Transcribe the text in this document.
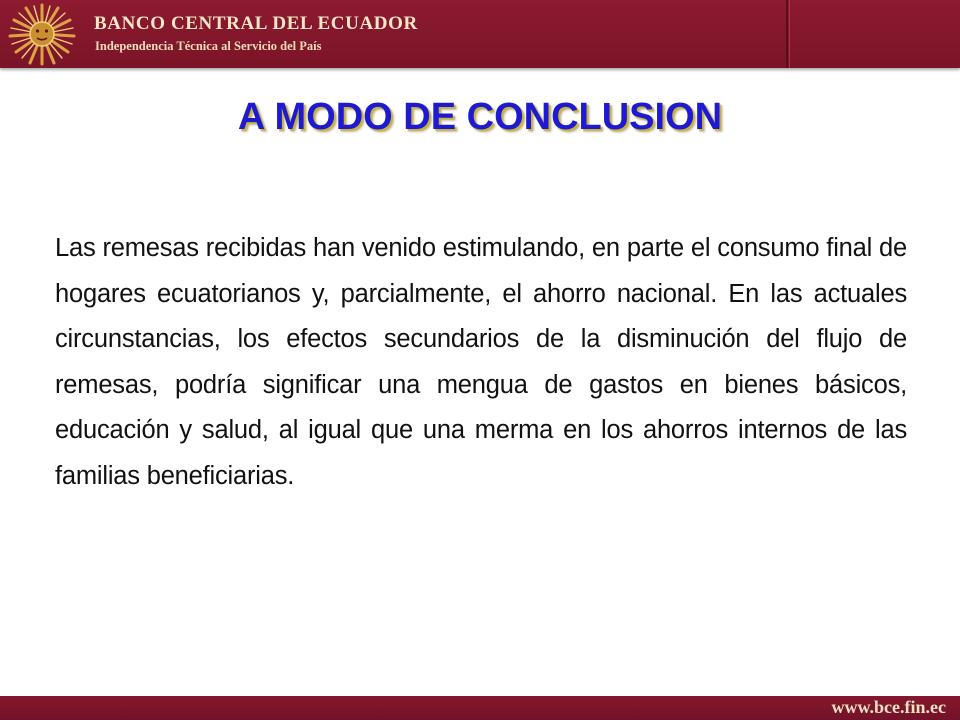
BANCO CENTRAL DEL ECUADOR
Independencia Técnica al Servicio del País
A MODO DE CONCLUSION
Las remesas recibidas han venido estimulando, en parte el consumo final de hogares ecuatorianos y, parcialmente, el ahorro nacional. En las actuales circunstancias, los efectos secundarios de la disminución del flujo de remesas, podría significar una mengua de gastos en bienes básicos, educación y salud, al igual que una merma en los ahorros internos de las familias beneficiarias.
www.bce.fin.ec
